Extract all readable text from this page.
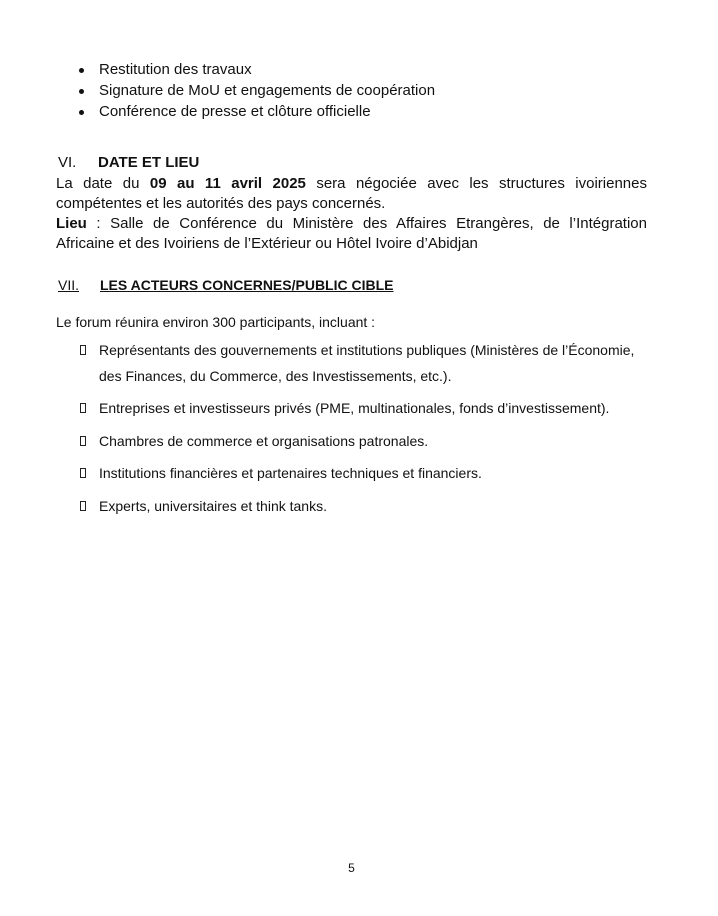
Restitution des travaux
Signature de MoU et engagements de coopération
Conférence de presse et clôture officielle
VI. DATE ET LIEU
La date du 09 au 11 avril 2025 sera négociée avec les structures ivoiriennes compétentes et les autorités des pays concernés.
Lieu : Salle de Conférence du Ministère des Affaires Etrangères, de l’Intégration Africaine et des Ivoiriens de l’Extérieur ou Hôtel Ivoire d’Abidjan
VII. LES ACTEURS CONCERNES/PUBLIC CIBLE
Le forum réunira environ 300 participants, incluant :
Représentants des gouvernements et institutions publiques (Ministères de l’Économie, des Finances, du Commerce, des Investissements, etc.).
Entreprises et investisseurs privés (PME, multinationales, fonds d’investissement).
Chambres de commerce et organisations patronales.
Institutions financières et partenaires techniques et financiers.
Experts, universitaires et think tanks.
5
